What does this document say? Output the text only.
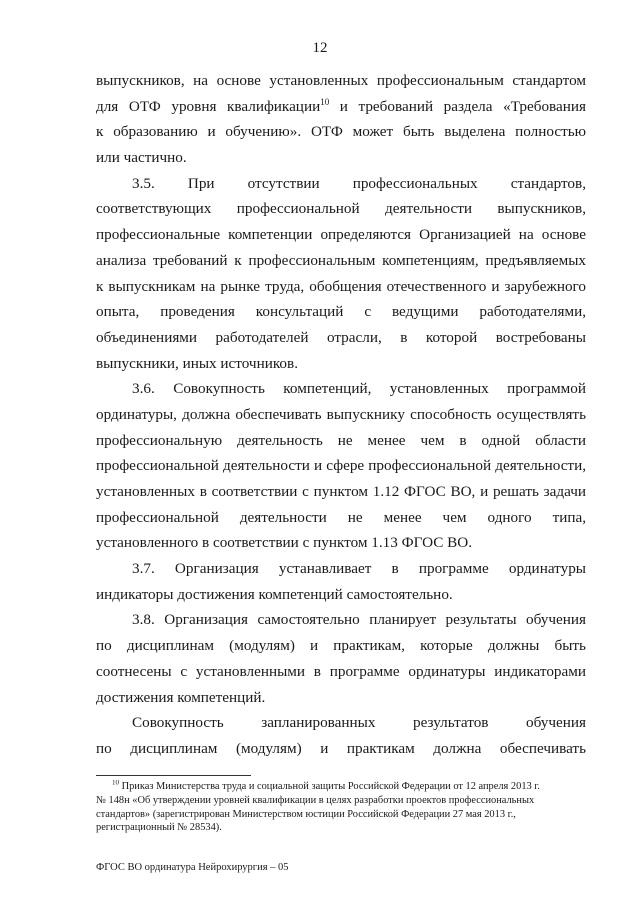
12
выпускников, на основе установленных профессиональным стандартом
для ОТФ уровня квалификации$^{10}$ и требований раздела «Требования
к образованию и обучению». ОТФ может быть выделена полностью
или частично.
3.5. При отсутствии профессиональных стандартов,
соответствующих профессиональной деятельности выпускников,
профессиональные компетенции определяются Организацией на основе
анализа требований к профессиональным компетенциям, предъявляемых
к выпускникам на рынке труда, обобщения отечественного и зарубежного
опыта, проведения консультаций с ведущими работодателями,
объединениями работодателей отрасли, в которой востребованы
выпускники, иных источников.
3.6. Совокупность компетенций, установленных программой
ординатуры, должна обеспечивать выпускнику способность осуществлять
профессиональную деятельность не менее чем в одной области
профессиональной деятельности и сфере профессиональной деятельности,
установленных в соответствии с пунктом 1.12 ФГОС ВО, и решать задачи
профессиональной деятельности не менее чем одного типа,
установленного в соответствии с пунктом 1.13 ФГОС ВО.
3.7. Организация устанавливает в программе ординатуры
индикаторы достижения компетенций самостоятельно.
3.8. Организация самостоятельно планирует результаты обучения
по дисциплинам (модулям) и практикам, которые должны быть
соотнесены с установленными в программе ординатуры индикаторами
достижения компетенций.
Совокупность запланированных результатов обучения
по дисциплинам (модулям) и практикам должна обеспечивать
$^{10}$ Приказ Министерства труда и социальной защиты Российской Федерации от 12 апреля 2013 г.
№ 148н «Об утверждении уровней квалификации в целях разработки проектов профессиональных
стандартов» (зарегистрирован Министерством юстиции Российской Федерации 27 мая 2013 г.,
регистрационный № 28534).
ФГОС ВО ординатура Нейрохирургия – 05
